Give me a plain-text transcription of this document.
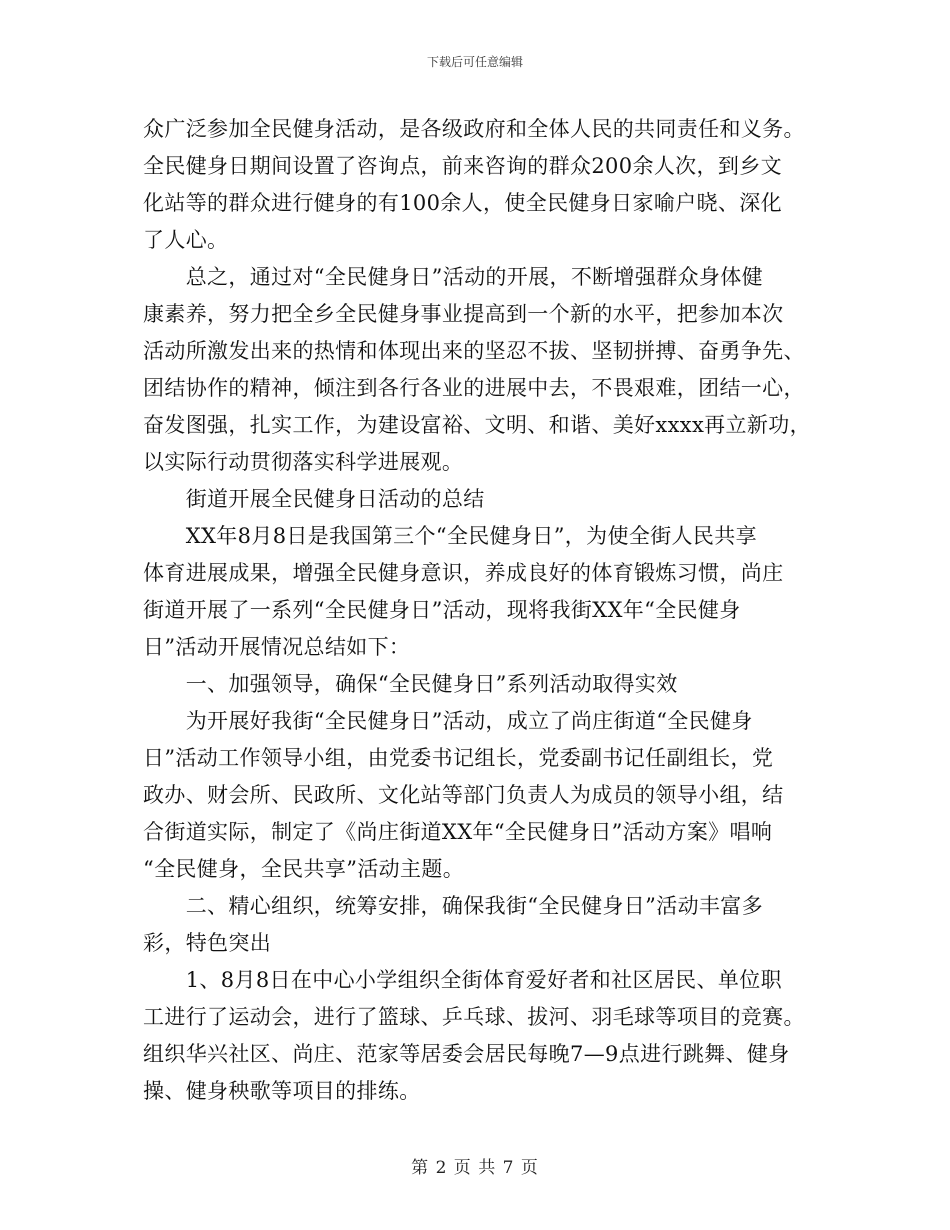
下载后可任意编辑
众广泛参加全民健身活动，是各级政府和全体人民的共同责任和义务。
全民健身日期间设置了咨询点，前来咨询的群众200余人次，到乡文
化站等的群众进行健身的有100余人，使全民健身日家喻户晓、深化
了人心。
　　总之，通过对“全民健身日”活动的开展，不断增强群众身体健
康素养，努力把全乡全民健身事业提高到一个新的水平，把参加本次
活动所激发出来的热情和体现出来的坚忍不拔、坚韧拼搏、奋勇争先、
团结协作的精神，倾注到各行各业的进展中去，不畏艰难，团结一心，
奋发图强，扎实工作，为建设富裕、文明、和谐、美好xxxx再立新功，
以实际行动贯彻落实科学进展观。
　　街道开展全民健身日活动的总结
　　XX年8月8日是我国第三个“全民健身日”，为使全街人民共享
体育进展成果，增强全民健身意识，养成良好的体育锻炼习惯，尚庄
街道开展了一系列“全民健身日”活动，现将我街XX年“全民健身
日”活动开展情况总结如下：
　　一、加强领导，确保“全民健身日”系列活动取得实效
　　为开展好我街“全民健身日”活动，成立了尚庄街道“全民健身
日”活动工作领导小组，由党委书记组长，党委副书记任副组长，党
政办、财会所、民政所、文化站等部门负责人为成员的领导小组，结
合街道实际，制定了《尚庄街道XX年“全民健身日”活动方案》唱响
“全民健身，全民共享”活动主题。
　　二、精心组织，统筹安排，确保我街“全民健身日”活动丰富多
彩，特色突出
　　1、8月8日在中心小学组织全街体育爱好者和社区居民、单位职
工进行了运动会，进行了篮球、乒乓球、拔河、羽毛球等项目的竞赛。
组织华兴社区、尚庄、范家等居委会居民每晚7—9点进行跳舞、健身
操、健身秧歌等项目的排练。
第 2 页 共 7 页
